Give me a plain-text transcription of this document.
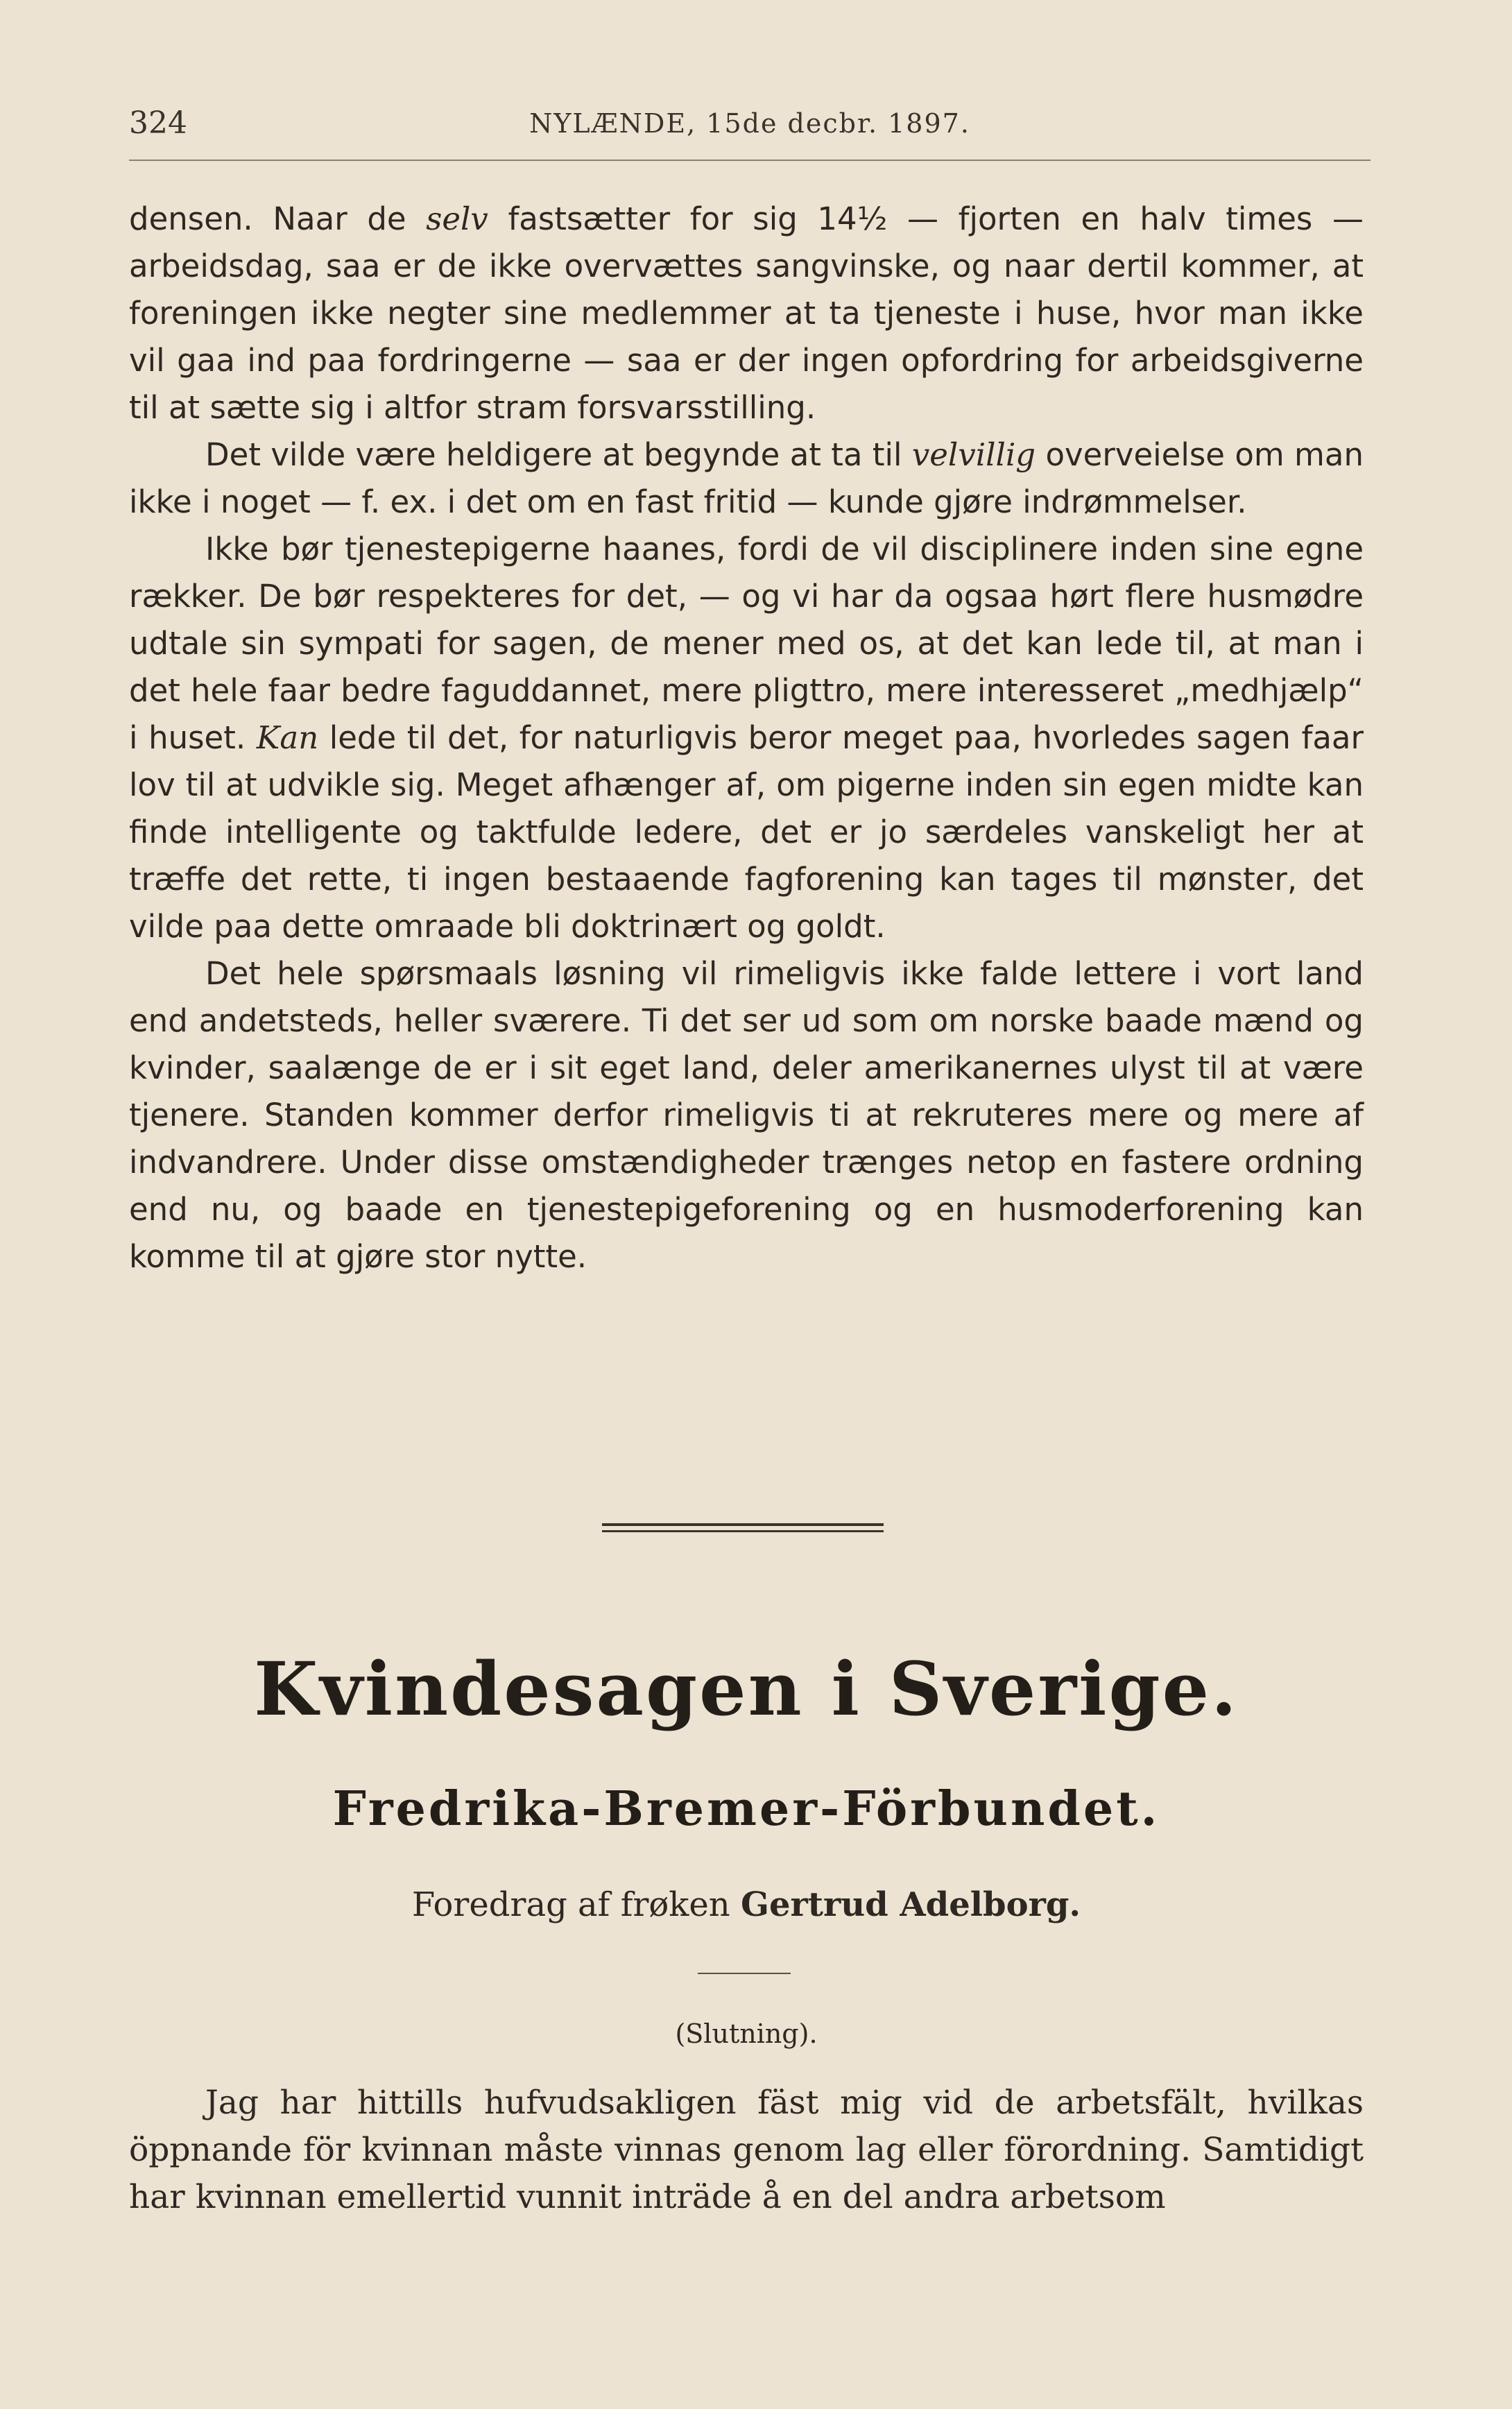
324	NYLÆNDE, 15de decbr. 1897.

densen. Naar de selv fastsætter for sig 14½ — fjorten en halv times — arbeidsdag, saa er de ikke overvættes sangvinske, og naar dertil kommer, at foreningen ikke negter sine medlemmer at ta tjeneste i huse, hvor man ikke vil gaa ind paa fordringerne — saa er der ingen opfordring for arbeidsgiverne til at sætte sig i altfor stram forsvarsstilling.

Det vilde være heldigere at begynde at ta til velvillig overveielse om man ikke i noget — f. ex. i det om en fast fritid — kunde gjøre indrømmelser.

Ikke bør tjenestepigerne haanes, fordi de vil disciplinere inden sine egne rækker. De bør respekteres for det, — og vi har da ogsaa hørt flere husmødre udtale sin sympati for sagen, de mener med os, at det kan lede til, at man i det hele faar bedre faguddannet, mere pligttro, mere interesseret „medhjælp“ i huset. Kan lede til det, for naturligvis beror meget paa, hvorledes sagen faar lov til at udvikle sig. Meget afhænger af, om pigerne inden sin egen midte kan finde intelligente og taktfulde ledere, det er jo særdeles vanskeligt her at træffe det rette, ti ingen bestaaende fagforening kan tages til mønster, det vilde paa dette omraade bli doktrinært og goldt.

Det hele spørsmaals løsning vil rimeligvis ikke falde lettere i vort land end andetsteds, heller sværere. Ti det ser ud som om norske baade mænd og kvinder, saalænge de er i sit eget land, deler amerikanernes ulyst til at være tjenere. Standen kommer derfor rimeligvis ti at rekruteres mere og mere af indvandrere. Under disse omstændigheder trænges netop en fastere ordning end nu, og baade en tjenestepigeforening og en husmoderforening kan komme til at gjøre stor nytte.

Kvindesagen i Sverige.
Fredrika-Bremer-Förbundet.
Foredrag af frøken Gertrud Adelborg.
(Slutning).

Jag har hittills hufvudsakligen fäst mig vid de arbetsfält, hvilkas öppnande för kvinnan måste vinnas genom lag eller förordning. Samtidigt har kvinnan emellertid vunnit inträde å en del andra arbetsom
